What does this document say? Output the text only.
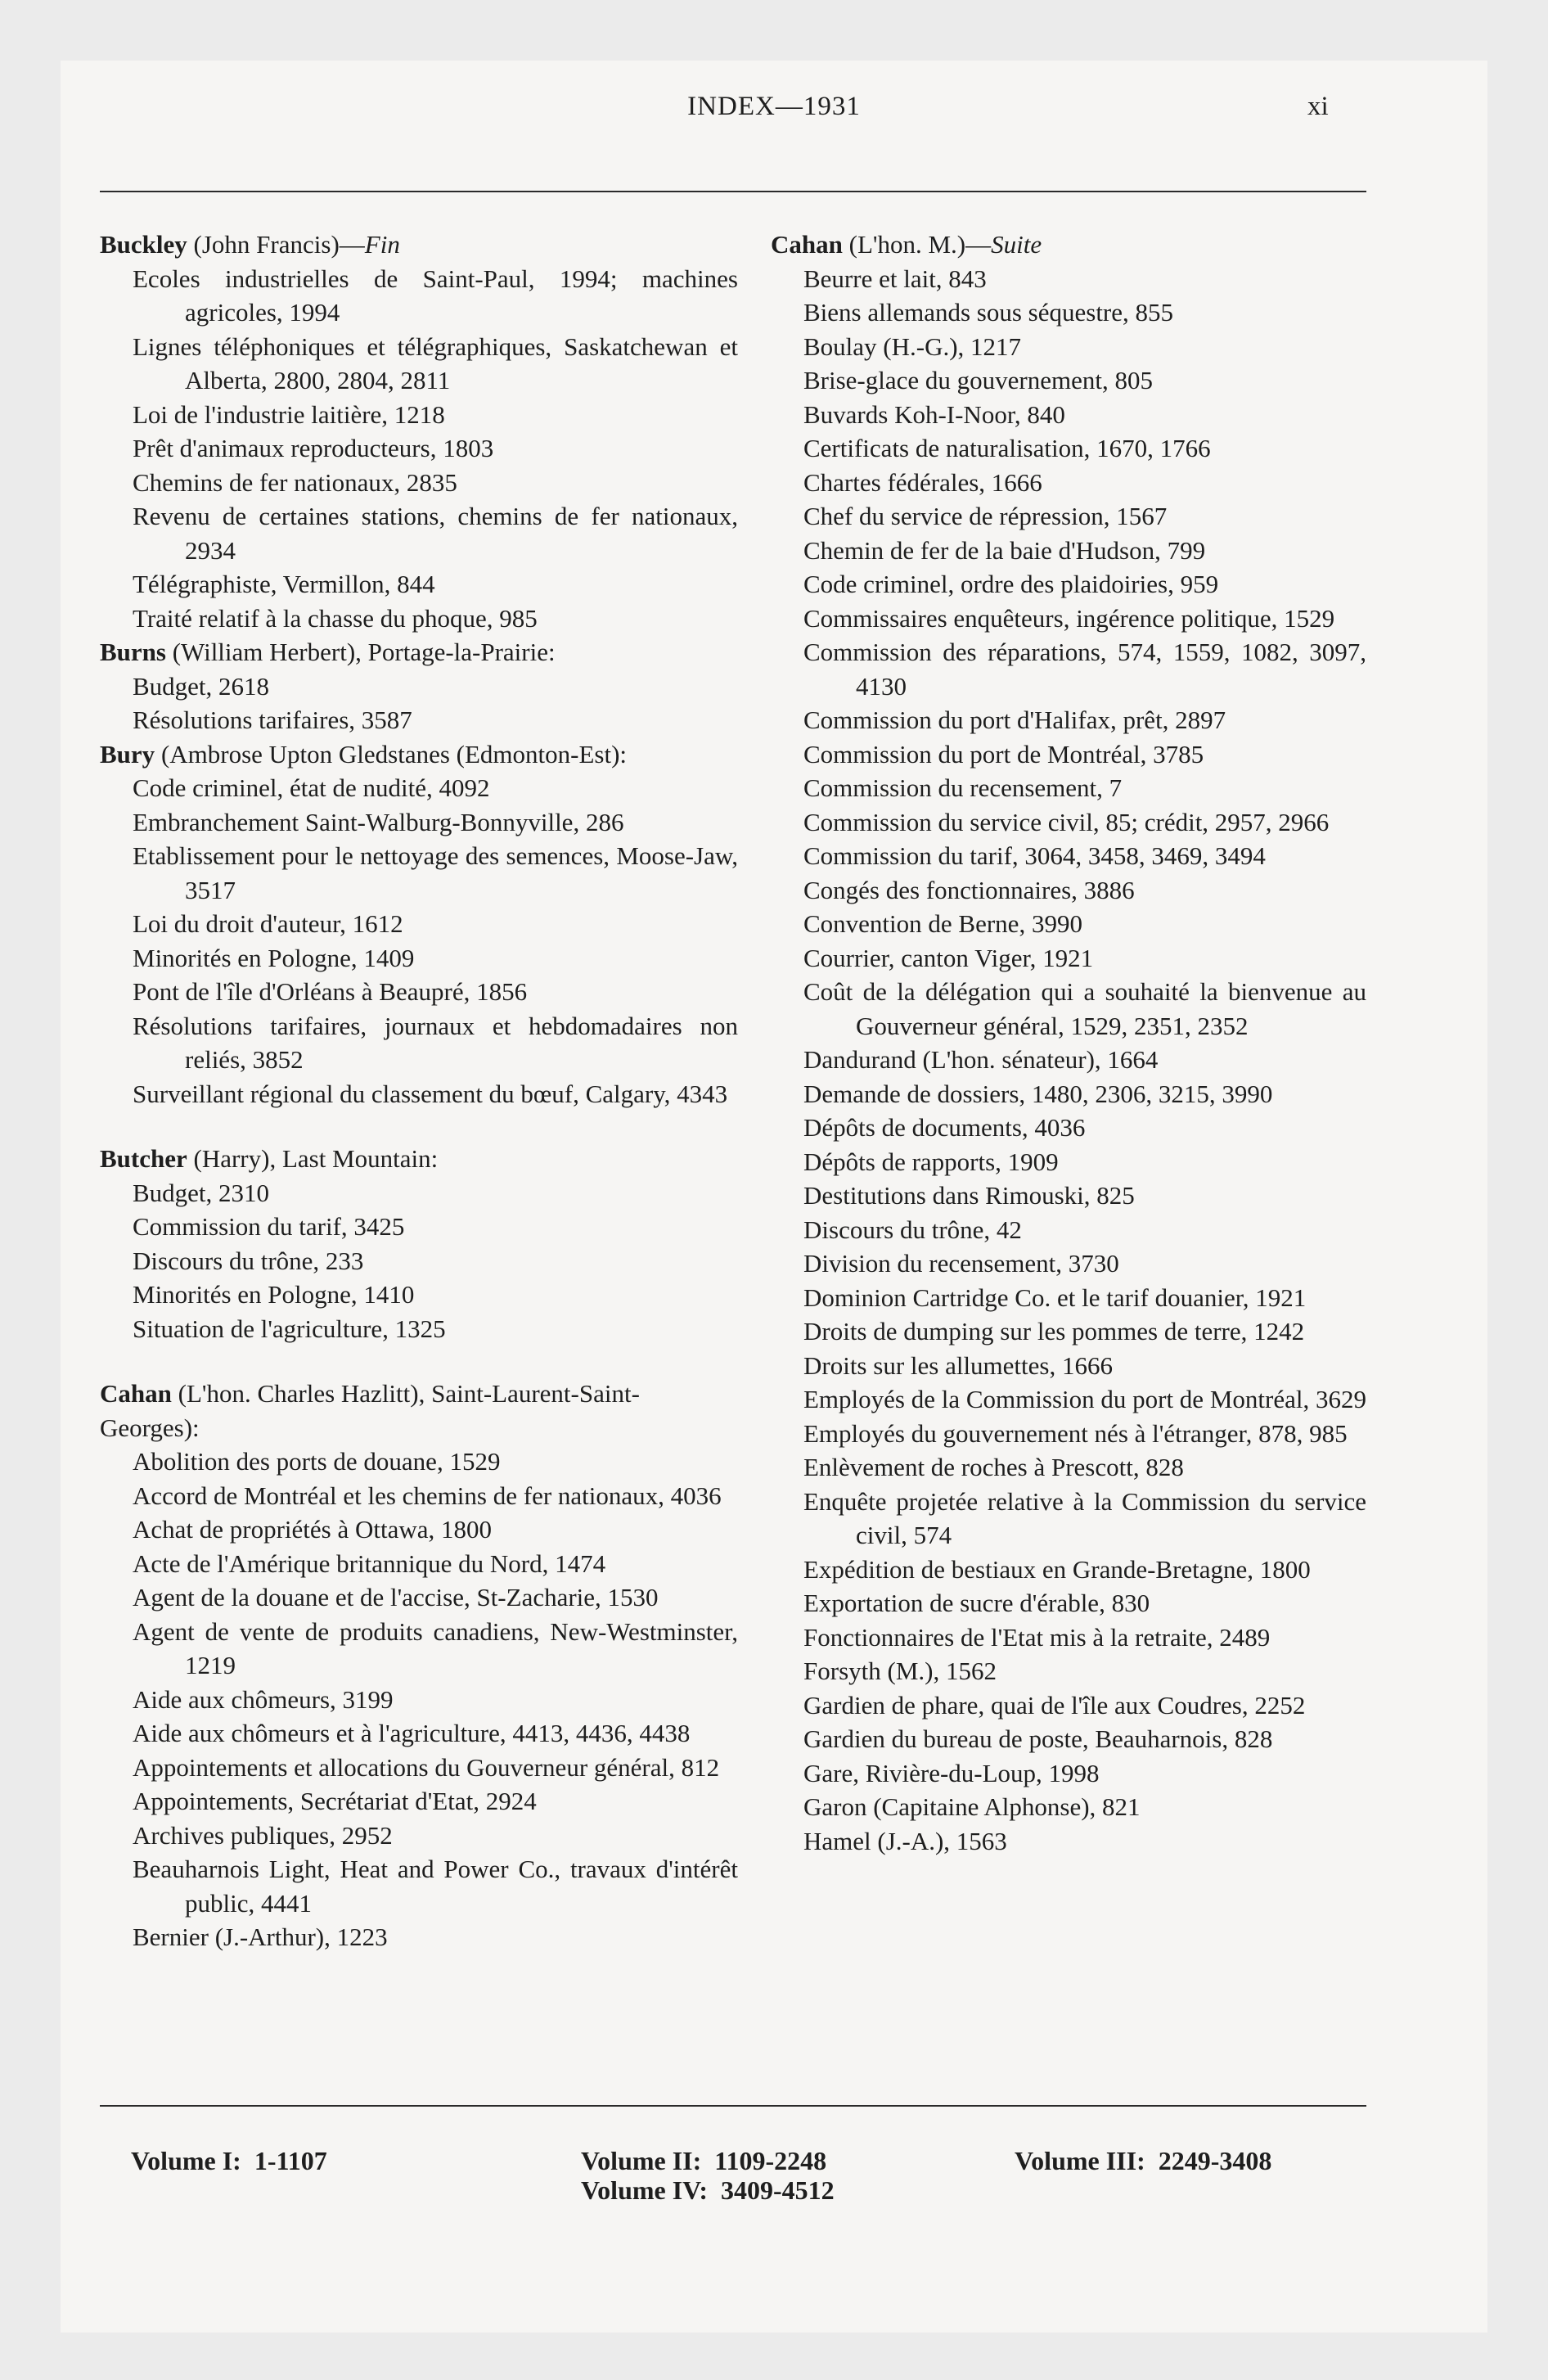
INDEX—1931	xi

Buckley (John Francis)—Fin

Ecoles industrielles de Saint-Paul, 1994; machines agricoles, 1994

Lignes téléphoniques et télégraphiques, Saskatchewan et Alberta, 2800, 2804, 2811

Loi de l'industrie laitière, 1218

Prêt d'animaux reproducteurs, 1803

Chemins de fer nationaux, 2835

Revenu de certaines stations, chemins de fer nationaux, 2934

Télégraphiste, Vermillon, 844

Traité relatif à la chasse du phoque, 985

Burns (William Herbert), Portage-la-Prairie:

Budget, 2618

Résolutions tarifaires, 3587

Bury (Ambrose Upton Gledstanes (Edmonton-Est):

Code criminel, état de nudité, 4092

Embranchement Saint-Walburg-Bonnyville, 286

Etablissement pour le nettoyage des semences, Moose-Jaw, 3517

Loi du droit d'auteur, 1612

Minorités en Pologne, 1409

Pont de l'île d'Orléans à Beaupré, 1856

Résolutions tarifaires, journaux et hebdomadaires non reliés, 3852

Surveillant régional du classement du bœuf, Calgary, 4343

Butcher (Harry), Last Mountain:

Budget, 2310

Commission du tarif, 3425

Discours du trône, 233

Minorités en Pologne, 1410

Situation de l'agriculture, 1325

Cahan (L'hon. Charles Hazlitt), Saint-Laurent-Saint-Georges):

Abolition des ports de douane, 1529

Accord de Montréal et les chemins de fer nationaux, 4036

Achat de propriétés à Ottawa, 1800

Acte de l'Amérique britannique du Nord, 1474

Agent de la douane et de l'accise, St-Zacharie, 1530

Agent de vente de produits canadiens, New-Westminster, 1219

Aide aux chômeurs, 3199

Aide aux chômeurs et à l'agriculture, 4413, 4436, 4438

Appointements et allocations du Gouverneur général, 812

Appointements, Secrétariat d'Etat, 2924

Archives publiques, 2952

Beauharnois Light, Heat and Power Co., travaux d'intérêt public, 4441

Bernier (J.-Arthur), 1223

Cahan (L'hon. M.)—Suite

Beurre et lait, 843

Biens allemands sous séquestre, 855

Boulay (H.-G.), 1217

Brise-glace du gouvernement, 805

Buvards Koh-I-Noor, 840

Certificats de naturalisation, 1670, 1766

Chartes fédérales, 1666

Chef du service de répression, 1567

Chemin de fer de la baie d'Hudson, 799

Code criminel, ordre des plaidoiries, 959

Commissaires enquêteurs, ingérence politique, 1529

Commission des réparations, 574, 1559, 1082, 3097, 4130

Commission du port d'Halifax, prêt, 2897

Commission du port de Montréal, 3785

Commission du recensement, 7

Commission du service civil, 85; crédit, 2957, 2966

Commission du tarif, 3064, 3458, 3469, 3494

Congés des fonctionnaires, 3886

Convention de Berne, 3990

Courrier, canton Viger, 1921

Coût de la délégation qui a souhaité la bienvenue au Gouverneur général, 1529, 2351, 2352

Dandurand (L'hon. sénateur), 1664

Demande de dossiers, 1480, 2306, 3215, 3990

Dépôts de documents, 4036

Dépôts de rapports, 1909

Destitutions dans Rimouski, 825

Discours du trône, 42

Division du recensement, 3730

Dominion Cartridge Co. et le tarif douanier, 1921

Droits de dumping sur les pommes de terre, 1242

Droits sur les allumettes, 1666

Employés de la Commission du port de Montréal, 3629

Employés du gouvernement nés à l'étranger, 878, 985

Enlèvement de roches à Prescott, 828

Enquête projetée relative à la Commission du service civil, 574

Expédition de bestiaux en Grande-Bretagne, 1800

Exportation de sucre d'érable, 830

Fonctionnaires de l'Etat mis à la retraite, 2489

Forsyth (M.), 1562

Gardien de phare, quai de l'île aux Coudres, 2252

Gardien du bureau de poste, Beauharnois, 828

Gare, Rivière-du-Loup, 1998

Garon (Capitaine Alphonse), 821

Hamel (J.-A.), 1563

Volume I: 1-1107	Volume II: 1109-2248
Volume IV: 3409-4512
Volume III: 2249-3408
